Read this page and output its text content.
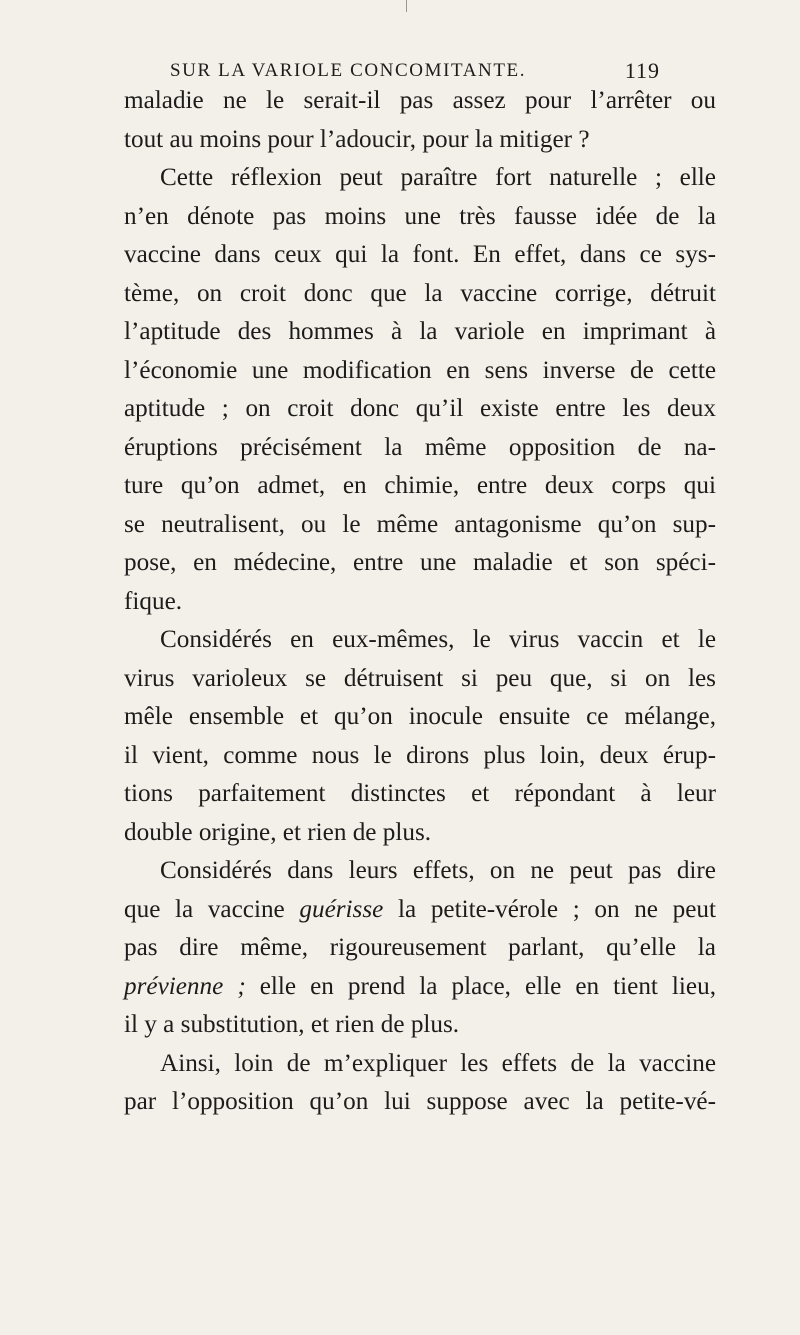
SUR LA VARIOLE CONCOMITANTE.	119
maladie ne le serait-il pas assez pour l’arrêter ou
tout au moins pour l’adoucir, pour la mitiger ?
Cette réflexion peut paraître fort naturelle ; elle
n’en dénote pas moins une très fausse idée de la
vaccine dans ceux qui la font. En effet, dans ce sys-
tème, on croit donc que la vaccine corrige, détruit
l’aptitude des hommes à la variole en imprimant à
l’économie une modification en sens inverse de cette
aptitude ; on croit donc qu’il existe entre les deux
éruptions précisément la même opposition de na-
ture qu’on admet, en chimie, entre deux corps qui
se neutralisent, ou le même antagonisme qu’on sup-
pose, en médecine, entre une maladie et son spéci-
fique.
Considérés en eux-mêmes, le virus vaccin et le
virus varioleux se détruisent si peu que, si on les
mêle ensemble et qu’on inocule ensuite ce mélange,
il vient, comme nous le dirons plus loin, deux érup-
tions parfaitement distinctes et répondant à leur
double origine, et rien de plus.
Considérés dans leurs effets, on ne peut pas dire
que la vaccine guérisse la petite-vérole ; on ne peut
pas dire même, rigoureusement parlant, qu’elle la
prévienne ; elle en prend la place, elle en tient lieu,
il y a substitution, et rien de plus.
Ainsi, loin de m’expliquer les effets de la vaccine
par l’opposition qu’on lui suppose avec la petite-vé-
